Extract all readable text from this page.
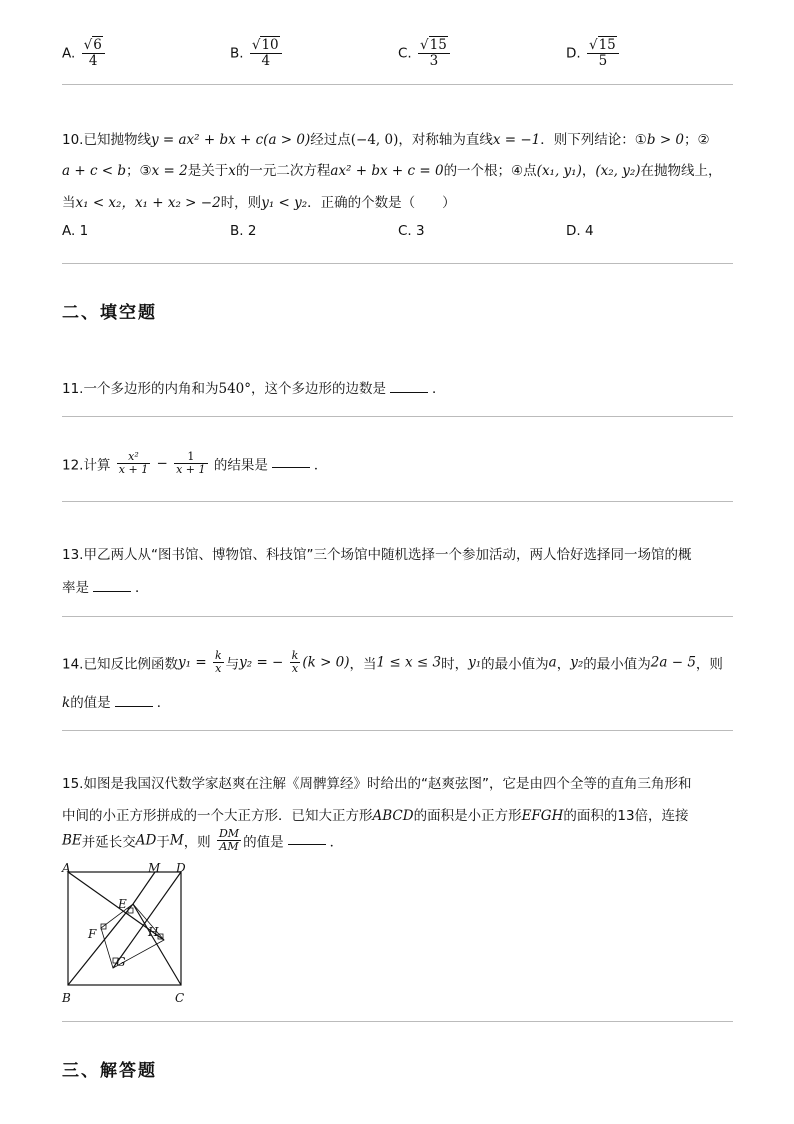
A. $\frac{√6}{4}$	B. $\frac{√10}{4}$	C. $\frac{√15}{3}$	D. $\frac{√15}{5}$
10.已知抛物线y = ax² + bx + c(a > 0)经过点(−4, 0)，对称轴为直线x = −1．则下列结论：①b > 0；②
a + c < b；③x = 2是关于x的一元二次方程ax² + bx + c = 0的一个根；④点(x₁, y₁)，(x₂, y₂)在抛物线上，
当x₁ < x₂，x₁ + x₂ > −2时，则y₁ < y₂．正确的个数是（　　）
A. 1	B. 2	C. 3	D. 4
二、填空题
11.一个多边形的内角和为540°，这个多边形的边数是	．
12.计算 $\frac{\text{x²}}{x + 1} - \frac{1}{x + 1}$ 的结果是	．
13.甲乙两人从“图书馆、博物馆、科技馆”三个场馆中随机选择一个参加活动，两人恰好选择同一场馆的概
率是	．
14.已知反比例函数$y_1 = \frac{k}{x}$ 与y₂ = − $\frac{k}{x} (k > 0)$，当1 ≤ x ≤ 3时，y₁的最小值为a，y₂的最小值为2a − 5，则
k的值是	．
15.如图是我国汉代数学家赵爽在注解《周髀算经》时给出的“赵爽弦图”，它是由四个全等的直角三角形和
中间的小正方形拼成的一个大正方形．已知大正方形ABCD的面积是小正方形EFGH的面积的13倍，连接
BE并延长交AD于M，则 $\frac{DM}{AM}$ 的值是	．
A	M D
E
F	H
G
B	C
三、解答题
